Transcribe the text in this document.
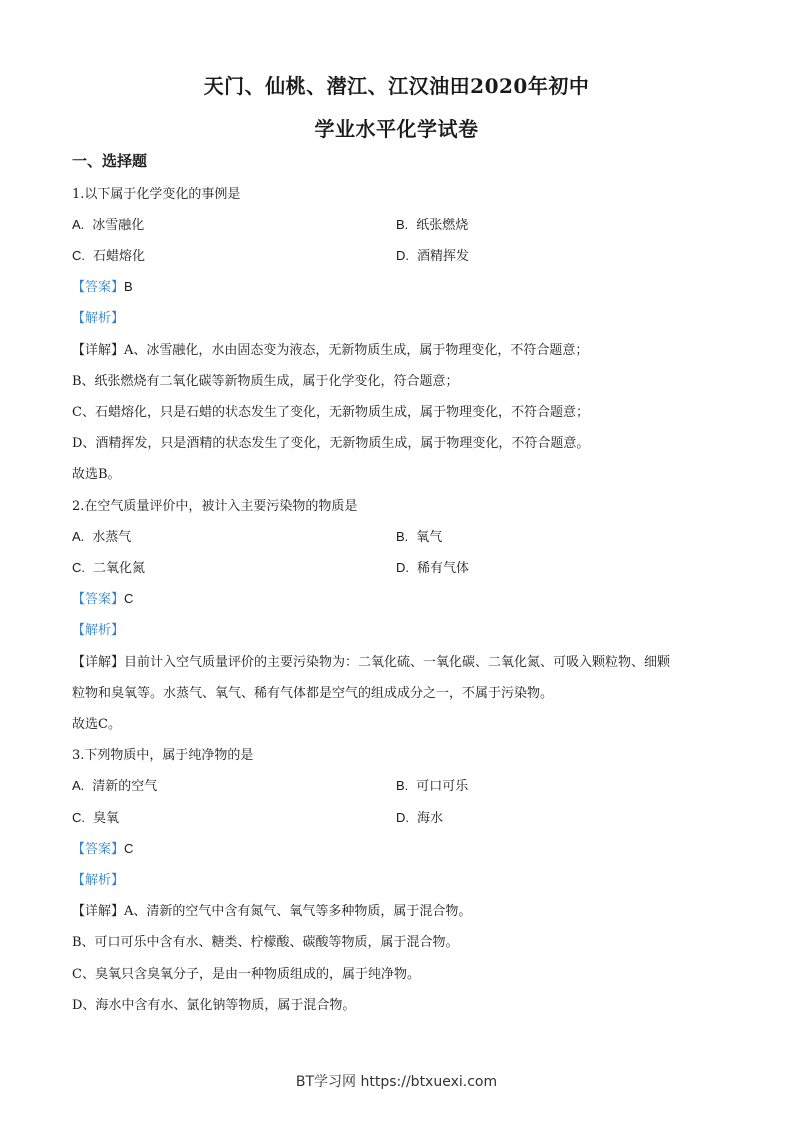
天门、仙桃、潜江、江汉油田2020年初中
学业水平化学试卷
一、选择题
1.以下属于化学变化的事例是
A. 冰雪融化	B. 纸张燃烧
C. 石蜡熔化	D. 酒精挥发
【答案】B
【解析】
【详解】A、冰雪融化，水由固态变为液态，无新物质生成，属于物理变化，不符合题意；
B、纸张燃烧有二氧化碳等新物质生成，属于化学变化，符合题意；
C、石蜡熔化，只是石蜡的状态发生了变化，无新物质生成，属于物理变化，不符合题意；
D、酒精挥发，只是酒精的状态发生了变化，无新物质生成，属于物理变化，不符合题意。
故选B。
2.在空气质量评价中，被计入主要污染物的物质是
A. 水蒸气	B. 氧气
C. 二氧化氮	D. 稀有气体
【答案】C
【解析】
【详解】目前计入空气质量评价的主要污染物为：二氧化硫、一氧化碳、二氧化氮、可吸入颗粒物、细颗
粒物和臭氧等。水蒸气、氧气、稀有气体都是空气的组成成分之一，不属于污染物。
故选C。
3.下列物质中，属于纯净物的是
A. 清新的空气	B. 可口可乐
C. 臭氧	D. 海水
【答案】C
【解析】
【详解】A、清新的空气中含有氮气、氧气等多种物质，属于混合物。
B、可口可乐中含有水、糖类、柠檬酸、碳酸等物质，属于混合物。
C、臭氧只含臭氧分子，是由一种物质组成的，属于纯净物。
D、海水中含有水、氯化钠等物质，属于混合物。
BT学习网 https://btxuexi.com
